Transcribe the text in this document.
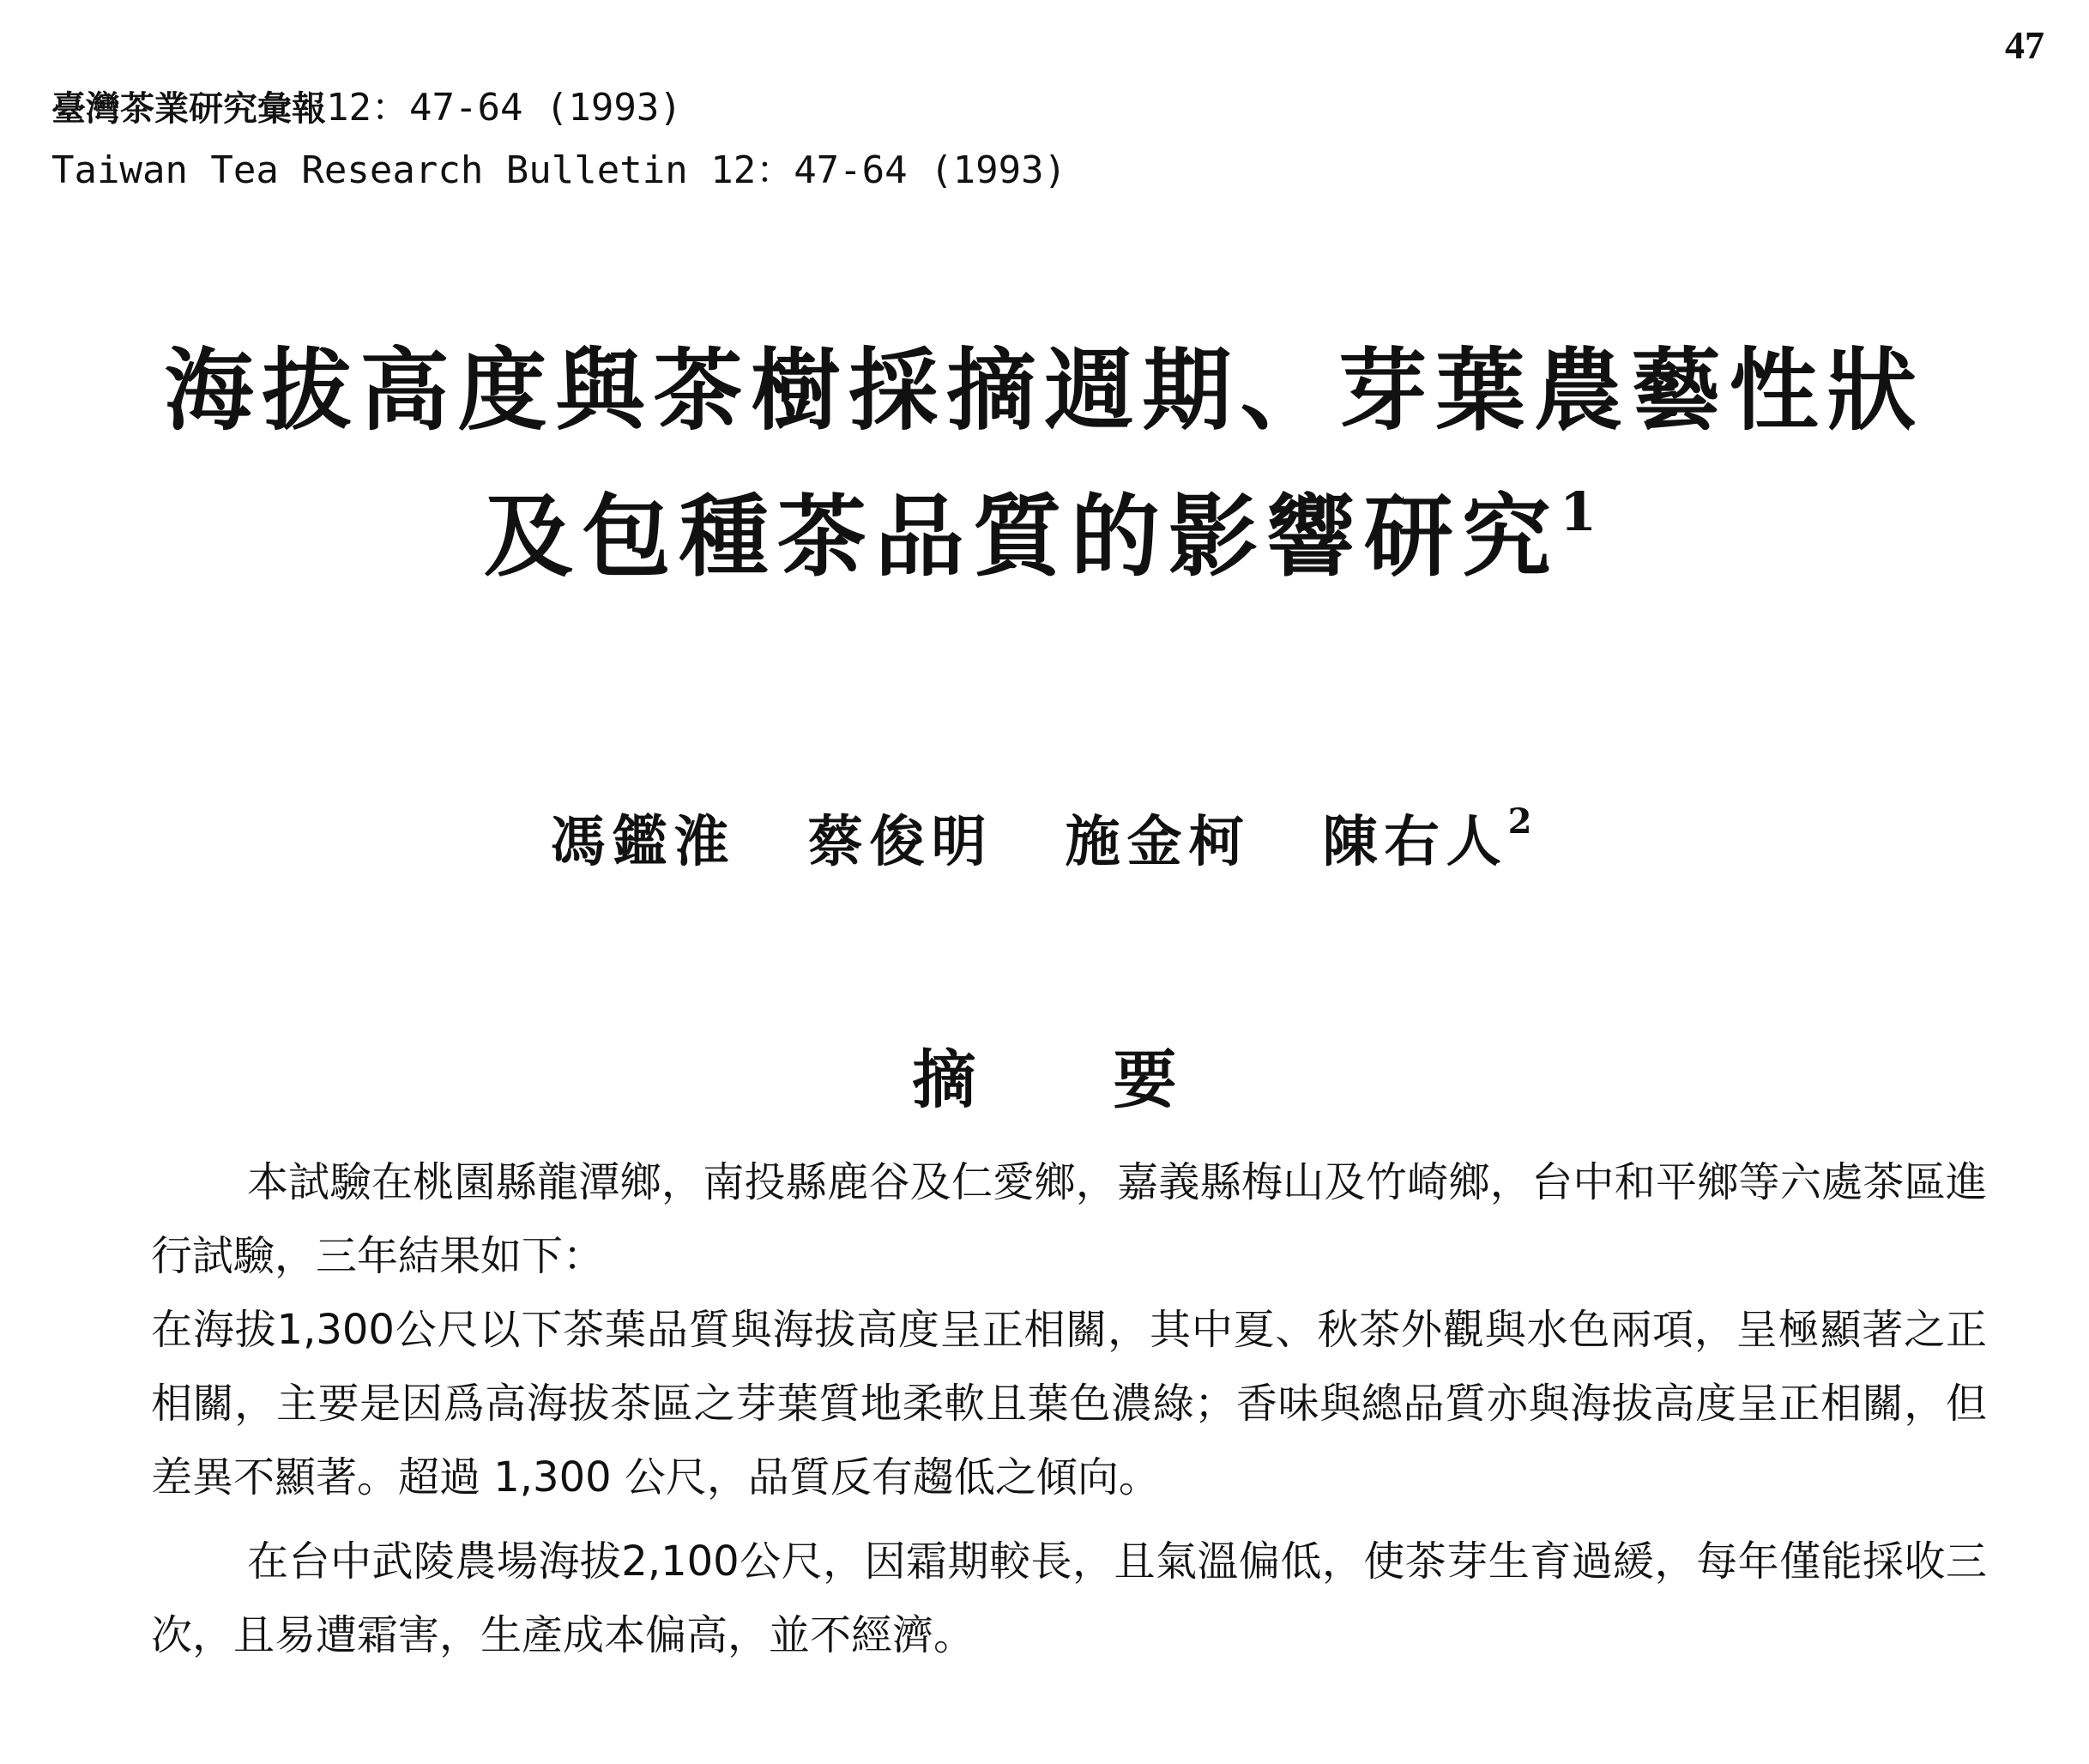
47
臺灣茶業研究彙報12：47-64 (1993)
Taiwan Tea Research Bulletin 12：47-64 (1993)
海拔高度與茶樹採摘週期、芽葉農藝性狀
及包種茶品質的影響研究$^1$
馮鑑淮 蔡俊明 施金柯 陳右人$^2$
摘 要

本試驗在桃園縣龍潭鄉，南投縣鹿谷及仁愛鄉，嘉義縣梅山及竹崎鄉，台中和平鄉等六處茶區進行試驗，三年結果如下：

在海拔1,300公尺以下茶葉品質與海拔高度呈正相關，其中夏、秋茶外觀與水色兩項，呈極顯著之正相關，主要是因爲高海拔茶區之芽葉質地柔軟且葉色濃綠；香味與總品質亦與海拔高度呈正相關，但差異不顯著。超過 1,300 公尺，品質反有趨低之傾向。

在台中武陵農場海拔2,100公尺，因霜期較長，且氣溫偏低，使茶芽生育過緩，每年僅能採收三次，且易遭霜害，生產成本偏高，並不經濟。
